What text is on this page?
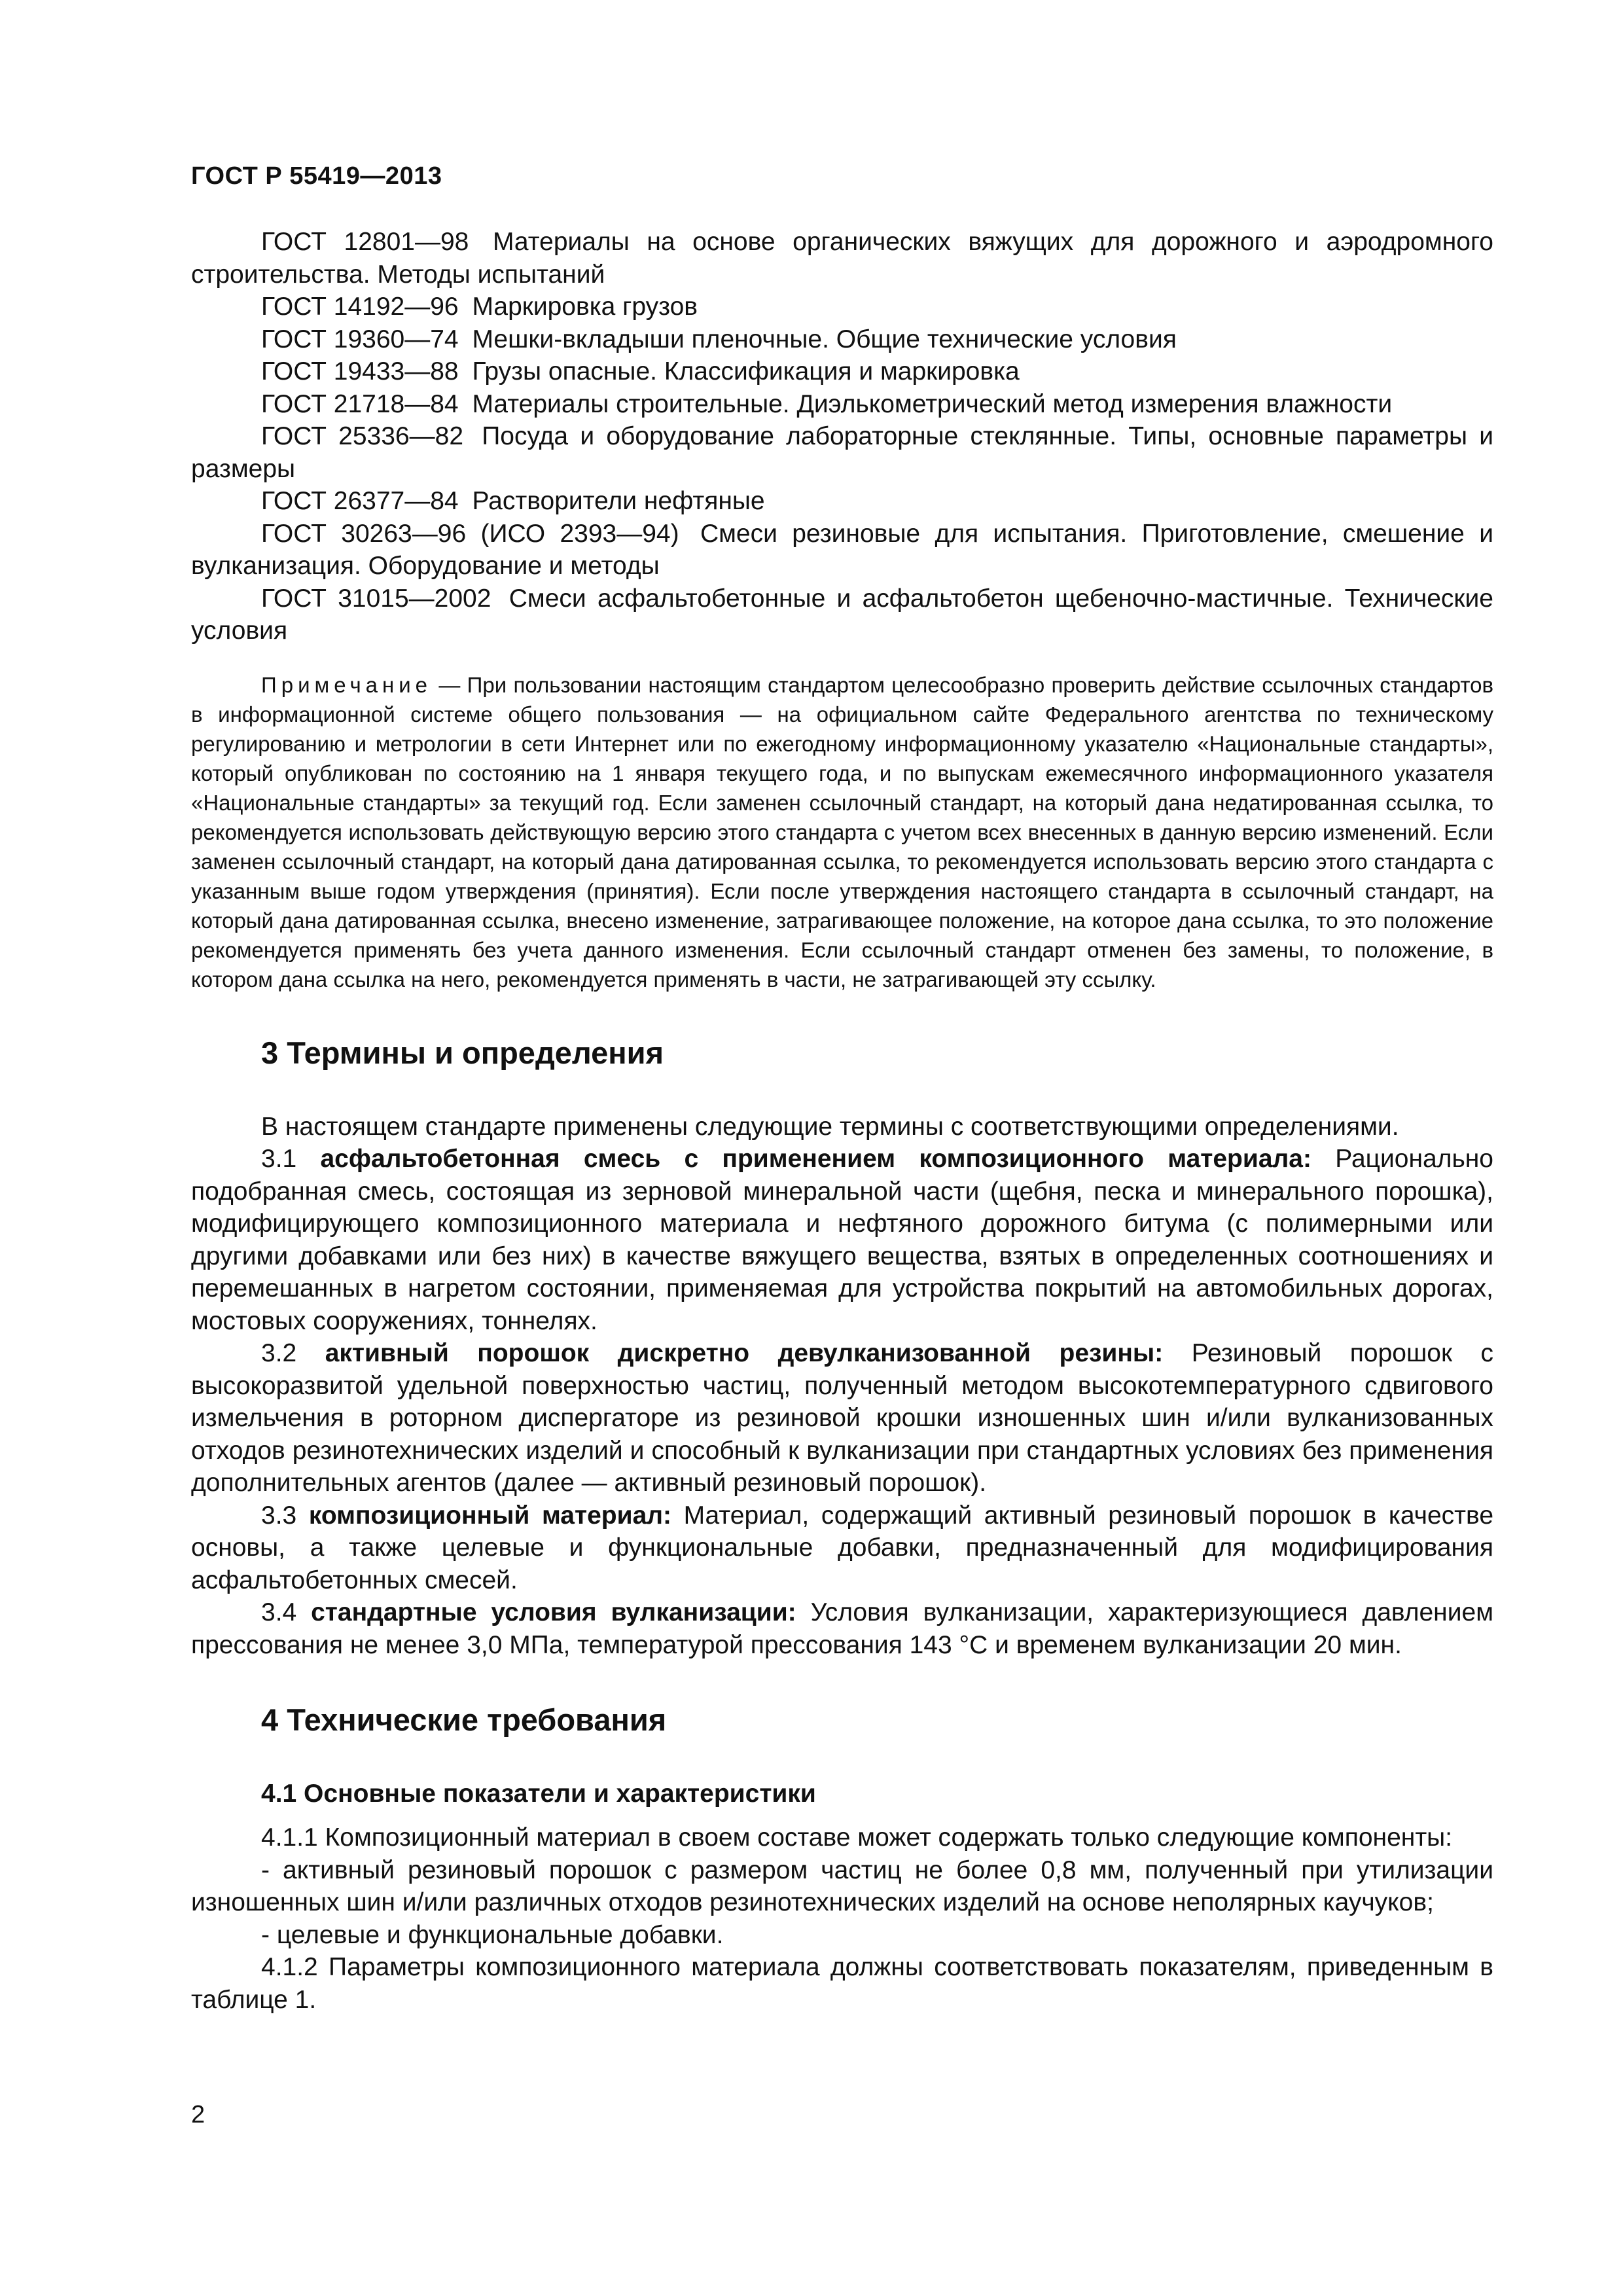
ГОСТ Р 55419—2013

ГОСТ 12801—98 Материалы на основе органических вяжущих для дорожного и аэродромного строительства. Методы испытаний

ГОСТ 14192—96 Маркировка грузов

ГОСТ 19360—74 Мешки-вкладыши пленочные. Общие технические условия

ГОСТ 19433—88 Грузы опасные. Классификация и маркировка

ГОСТ 21718—84 Материалы строительные. Диэлькометрический метод измерения влажности

ГОСТ 25336—82 Посуда и оборудование лабораторные стеклянные. Типы, основные параметры и размеры

ГОСТ 26377—84 Растворители нефтяные

ГОСТ 30263—96 (ИСО 2393—94) Смеси резиновые для испытания. Приготовление, смешение и вулканизация. Оборудование и методы

ГОСТ 31015—2002 Смеси асфальтобетонные и асфальтобетон щебеночно-мастичные. Технические условия

Примечание — При пользовании настоящим стандартом целесообразно проверить действие ссылочных стандартов в информационной системе общего пользования — на официальном сайте Федерального агентства по техническому регулированию и метрологии в сети Интернет или по ежегодному информационному указателю «Национальные стандарты», который опубликован по состоянию на 1 января текущего года, и по выпускам ежемесячного информационного указателя «Национальные стандарты» за текущий год. Если заменен ссылочный стандарт, на который дана недатированная ссылка, то рекомендуется использовать действующую версию этого стандарта с учетом всех внесенных в данную версию изменений. Если заменен ссылочный стандарт, на который дана датированная ссылка, то рекомендуется использовать версию этого стандарта с указанным выше годом утверждения (принятия). Если после утверждения настоящего стандарта в ссылочный стандарт, на который дана датированная ссылка, внесено изменение, затрагивающее положение, на которое дана ссылка, то это положение рекомендуется применять без учета данного изменения. Если ссылочный стандарт отменен без замены, то положение, в котором дана ссылка на него, рекомендуется применять в части, не затрагивающей эту ссылку.

3 Термины и определения

В настоящем стандарте применены следующие термины с соответствующими определениями.

3.1 асфальтобетонная смесь с применением композиционного материала: Рационально подобранная смесь, состоящая из зерновой минеральной части (щебня, песка и минерального порошка), модифицирующего композиционного материала и нефтяного дорожного битума (с полимерными или другими добавками или без них) в качестве вяжущего вещества, взятых в определенных соотношениях и перемешанных в нагретом состоянии, применяемая для устройства покрытий на автомобильных дорогах, мостовых сооружениях, тоннелях.

3.2 активный порошок дискретно девулканизованной резины: Резиновый порошок с высокоразвитой удельной поверхностью частиц, полученный методом высокотемпературного сдвигового измельчения в роторном диспергаторе из резиновой крошки изношенных шин и/или вулканизованных отходов резинотехнических изделий и способный к вулканизации при стандартных условиях без применения дополнительных агентов (далее — активный резиновый порошок).

3.3 композиционный материал: Материал, содержащий активный резиновый порошок в качестве основы, а также целевые и функциональные добавки, предназначенный для модифицирования асфальтобетонных смесей.

3.4 стандартные условия вулканизации: Условия вулканизации, характеризующиеся давлением прессования не менее 3,0 МПа, температурой прессования 143 °С и временем вулканизации 20 мин.

4 Технические требования
4.1 Основные показатели и характеристики

4.1.1 Композиционный материал в своем составе может содержать только следующие компоненты:

- активный резиновый порошок с размером частиц не более 0,8 мм, полученный при утилизации изношенных шин и/или различных отходов резинотехнических изделий на основе неполярных каучуков;

- целевые и функциональные добавки.

4.1.2 Параметры композиционного материала должны соответствовать показателям, приведенным в таблице 1.

2
